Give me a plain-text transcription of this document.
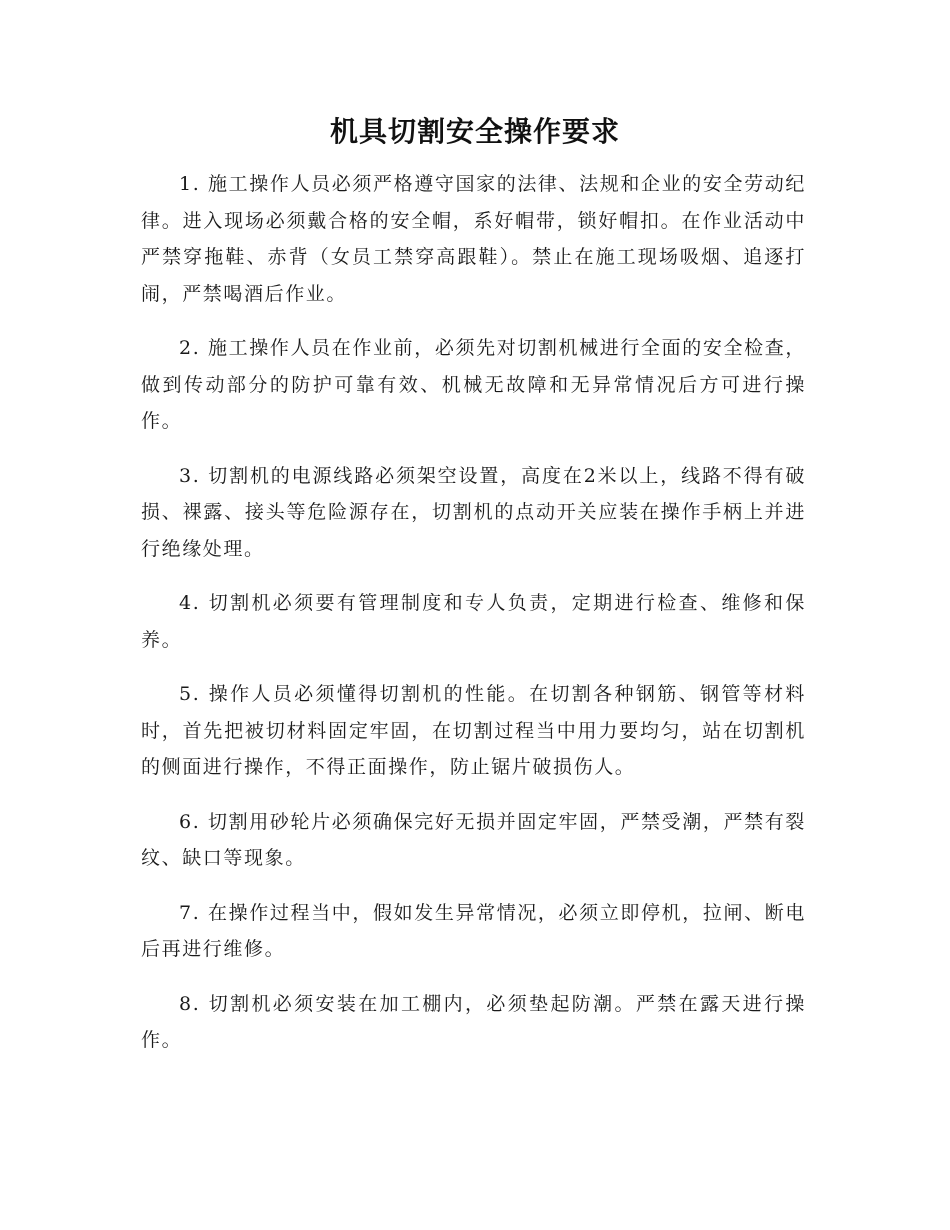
机具切割安全操作要求

1. 施工操作人员必须严格遵守国家的法律、法规和企业的安全劳动纪律。进入现场必须戴合格的安全帽，系好帽带，锁好帽扣。在作业活动中严禁穿拖鞋、赤背（女员工禁穿高跟鞋）。禁止在施工现场吸烟、追逐打闹，严禁喝酒后作业。

2. 施工操作人员在作业前，必须先对切割机械进行全面的安全检查，做到传动部分的防护可靠有效、机械无故障和无异常情况后方可进行操作。

3. 切割机的电源线路必须架空设置，高度在2米以上，线路不得有破损、裸露、接头等危险源存在，切割机的点动开关应装在操作手柄上并进行绝缘处理。

4. 切割机必须要有管理制度和专人负责，定期进行检查、维修和保养。

5. 操作人员必须懂得切割机的性能。在切割各种钢筋、钢管等材料时，首先把被切材料固定牢固，在切割过程当中用力要均匀，站在切割机的侧面进行操作，不得正面操作，防止锯片破损伤人。

6. 切割用砂轮片必须确保完好无损并固定牢固，严禁受潮，严禁有裂纹、缺口等现象。

7. 在操作过程当中，假如发生异常情况，必须立即停机，拉闸、断电后再进行维修。

8. 切割机必须安装在加工棚内，必须垫起防潮。严禁在露天进行操作。
